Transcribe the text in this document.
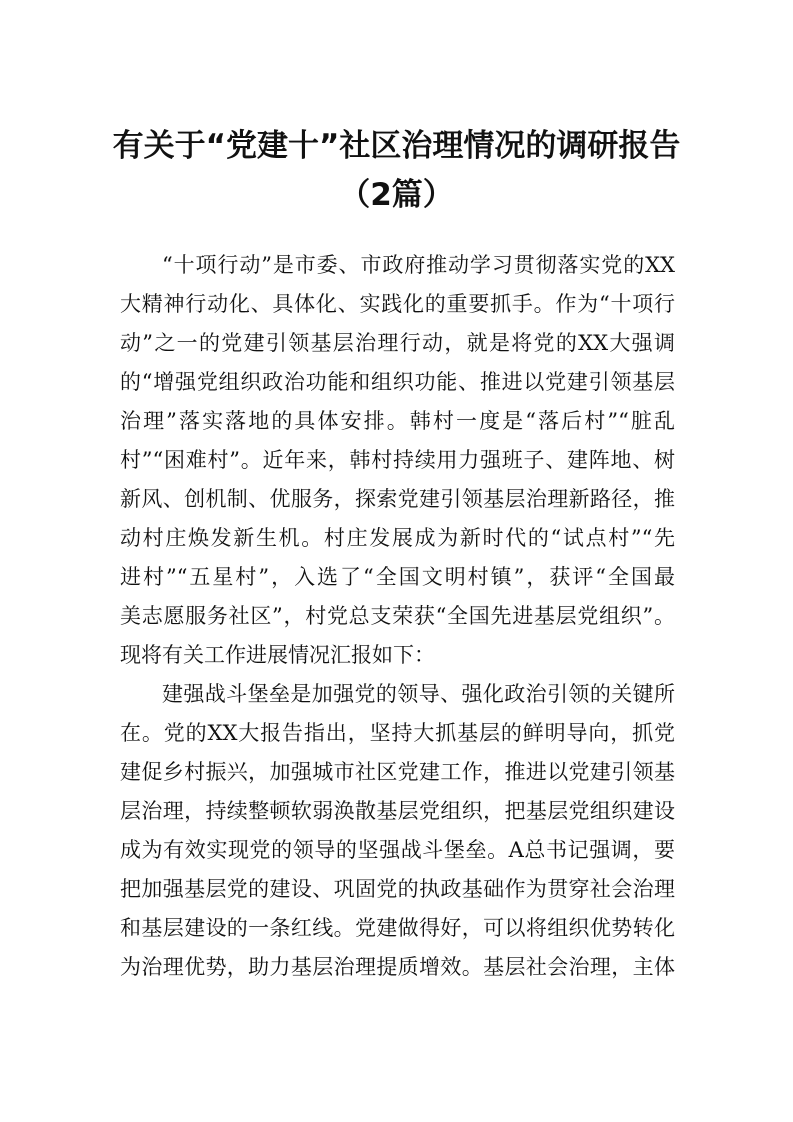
有关于“党建十”社区治理情况的调研报告
（2篇）
“十项行动”是市委、市政府推动学习贯彻落实党的XX
大精神行动化、具体化、实践化的重要抓手。作为“十项行
动”之一的党建引领基层治理行动，就是将党的XX大强调
的“增强党组织政治功能和组织功能、推进以党建引领基层
治理”落实落地的具体安排。韩村一度是“落后村”“脏乱
村”“困难村”。近年来，韩村持续用力强班子、建阵地、树
新风、创机制、优服务，探索党建引领基层治理新路径，推
动村庄焕发新生机。村庄发展成为新时代的“试点村”“先
进村”“五星村”，入选了“全国文明村镇”，获评“全国最
美志愿服务社区”，村党总支荣获“全国先进基层党组织”。
现将有关工作进展情况汇报如下：
建强战斗堡垒是加强党的领导、强化政治引领的关键所
在。党的XX大报告指出，坚持大抓基层的鲜明导向，抓党
建促乡村振兴，加强城市社区党建工作，推进以党建引领基
层治理，持续整顿软弱涣散基层党组织，把基层党组织建设
成为有效实现党的领导的坚强战斗堡垒。A总书记强调，要
把加强基层党的建设、巩固党的执政基础作为贯穿社会治理
和基层建设的一条红线。党建做得好，可以将组织优势转化
为治理优势，助力基层治理提质增效。基层社会治理，主体
